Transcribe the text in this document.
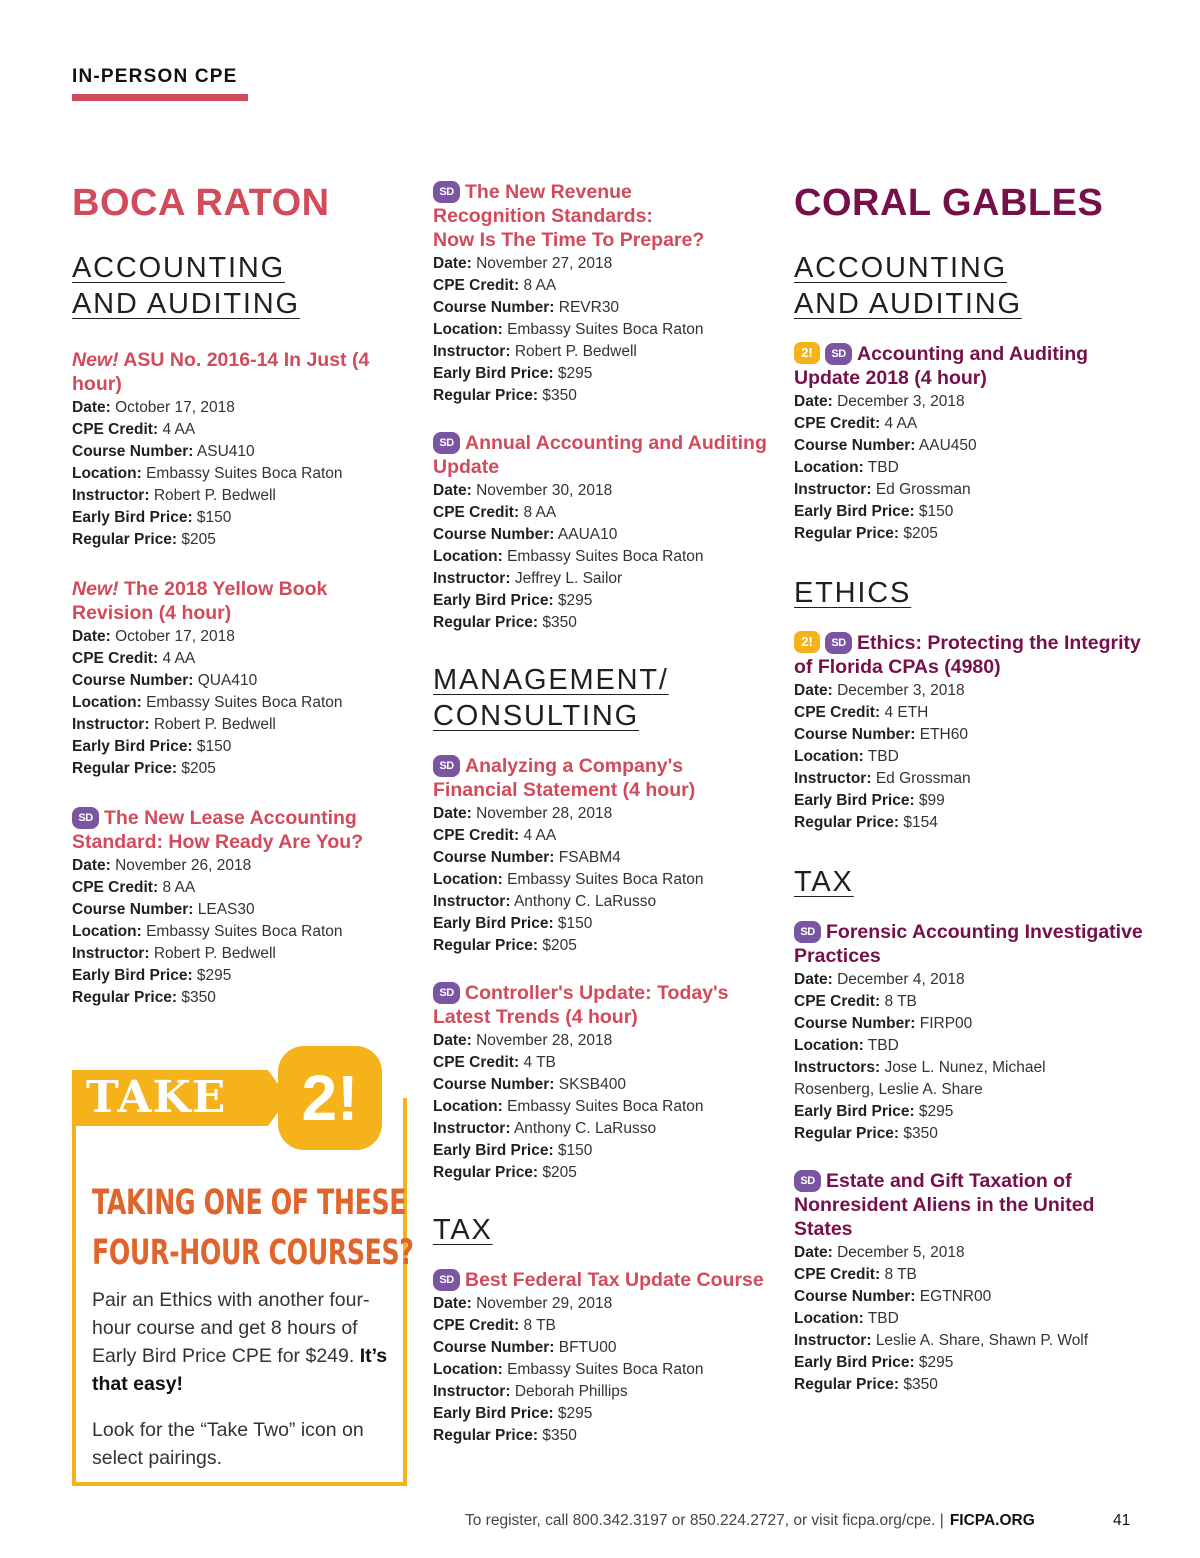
IN-PERSON CPE
BOCA RATON
ACCOUNTING
AND AUDITING
New! ASU No. 2016-14 In Just (4 hour)
Date: October 17, 2018
CPE Credit: 4 AA
Course Number: ASU410
Location: Embassy Suites Boca Raton
Instructor: Robert P. Bedwell
Early Bird Price: $150
Regular Price: $205
New! The 2018 Yellow Book Revision (4 hour)
Date: October 17, 2018
CPE Credit: 4 AA
Course Number: QUA410
Location: Embassy Suites Boca Raton
Instructor: Robert P. Bedwell
Early Bird Price: $150
Regular Price: $205
SD The New Lease Accounting Standard: How Ready Are You?
Date: November 26, 2018
CPE Credit: 8 AA
Course Number: LEAS30
Location: Embassy Suites Boca Raton
Instructor: Robert P. Bedwell
Early Bird Price: $295
Regular Price: $350
TAKE	2!
TAKING ONE OF THESE
FOUR-HOUR COURSES?
Pair an Ethics with another four-hour course and get 8 hours of Early Bird Price CPE for $249. It’s that easy!
Look for the “Take Two” icon on select pairings.
SD The New Revenue
Recognition Standards:
Now Is The Time To Prepare?
Date: November 27, 2018
CPE Credit: 8 AA
Course Number: REVR30
Location: Embassy Suites Boca Raton
Instructor: Robert P. Bedwell
Early Bird Price: $295
Regular Price: $350
SD Annual Accounting and Auditing Update
Date: November 30, 2018
CPE Credit: 8 AA
Course Number: AAUA10
Location: Embassy Suites Boca Raton
Instructor: Jeffrey L. Sailor
Early Bird Price: $295
Regular Price: $350
MANAGEMENT/
CONSULTING
SD Analyzing a Company's Financial Statement (4 hour)
Date: November 28, 2018
CPE Credit: 4 AA
Course Number: FSABM4
Location: Embassy Suites Boca Raton
Instructor: Anthony C. LaRusso
Early Bird Price: $150
Regular Price: $205
SD Controller's Update: Today's Latest Trends (4 hour)
Date: November 28, 2018
CPE Credit: 4 TB
Course Number: SKSB400
Location: Embassy Suites Boca Raton
Instructor: Anthony C. LaRusso
Early Bird Price: $150
Regular Price: $205
TAX
SD Best Federal Tax Update Course
Date: November 29, 2018
CPE Credit: 8 TB
Course Number: BFTU00
Location: Embassy Suites Boca Raton
Instructor: Deborah Phillips
Early Bird Price: $295
Regular Price: $350
CORAL GABLES
ACCOUNTING
AND AUDITING
2! SD Accounting and Auditing Update 2018 (4 hour)
Date: December 3, 2018
CPE Credit: 4 AA
Course Number: AAU450
Location: TBD
Instructor: Ed Grossman
Early Bird Price: $150
Regular Price: $205
ETHICS
2! SD Ethics: Protecting the Integrity of Florida CPAs (4980)
Date: December 3, 2018
CPE Credit: 4 ETH
Course Number: ETH60
Location: TBD
Instructor: Ed Grossman
Early Bird Price: $99
Regular Price: $154
TAX
SD Forensic Accounting Investigative Practices
Date: December 4, 2018
CPE Credit: 8 TB
Course Number: FIRP00
Location: TBD
Instructors: Jose L. Nunez, Michael
Rosenberg, Leslie A. Share
Early Bird Price: $295
Regular Price: $350
SD Estate and Gift Taxation of Nonresident Aliens in the United States
Date: December 5, 2018
CPE Credit: 8 TB
Course Number: EGTNR00
Location: TBD
Instructor: Leslie A. Share, Shawn P. Wolf
Early Bird Price: $295
Regular Price: $350
To register, call 800.342.3197 or 850.224.2727, or visit ficpa.org/cpe. | FICPA.ORG	41
